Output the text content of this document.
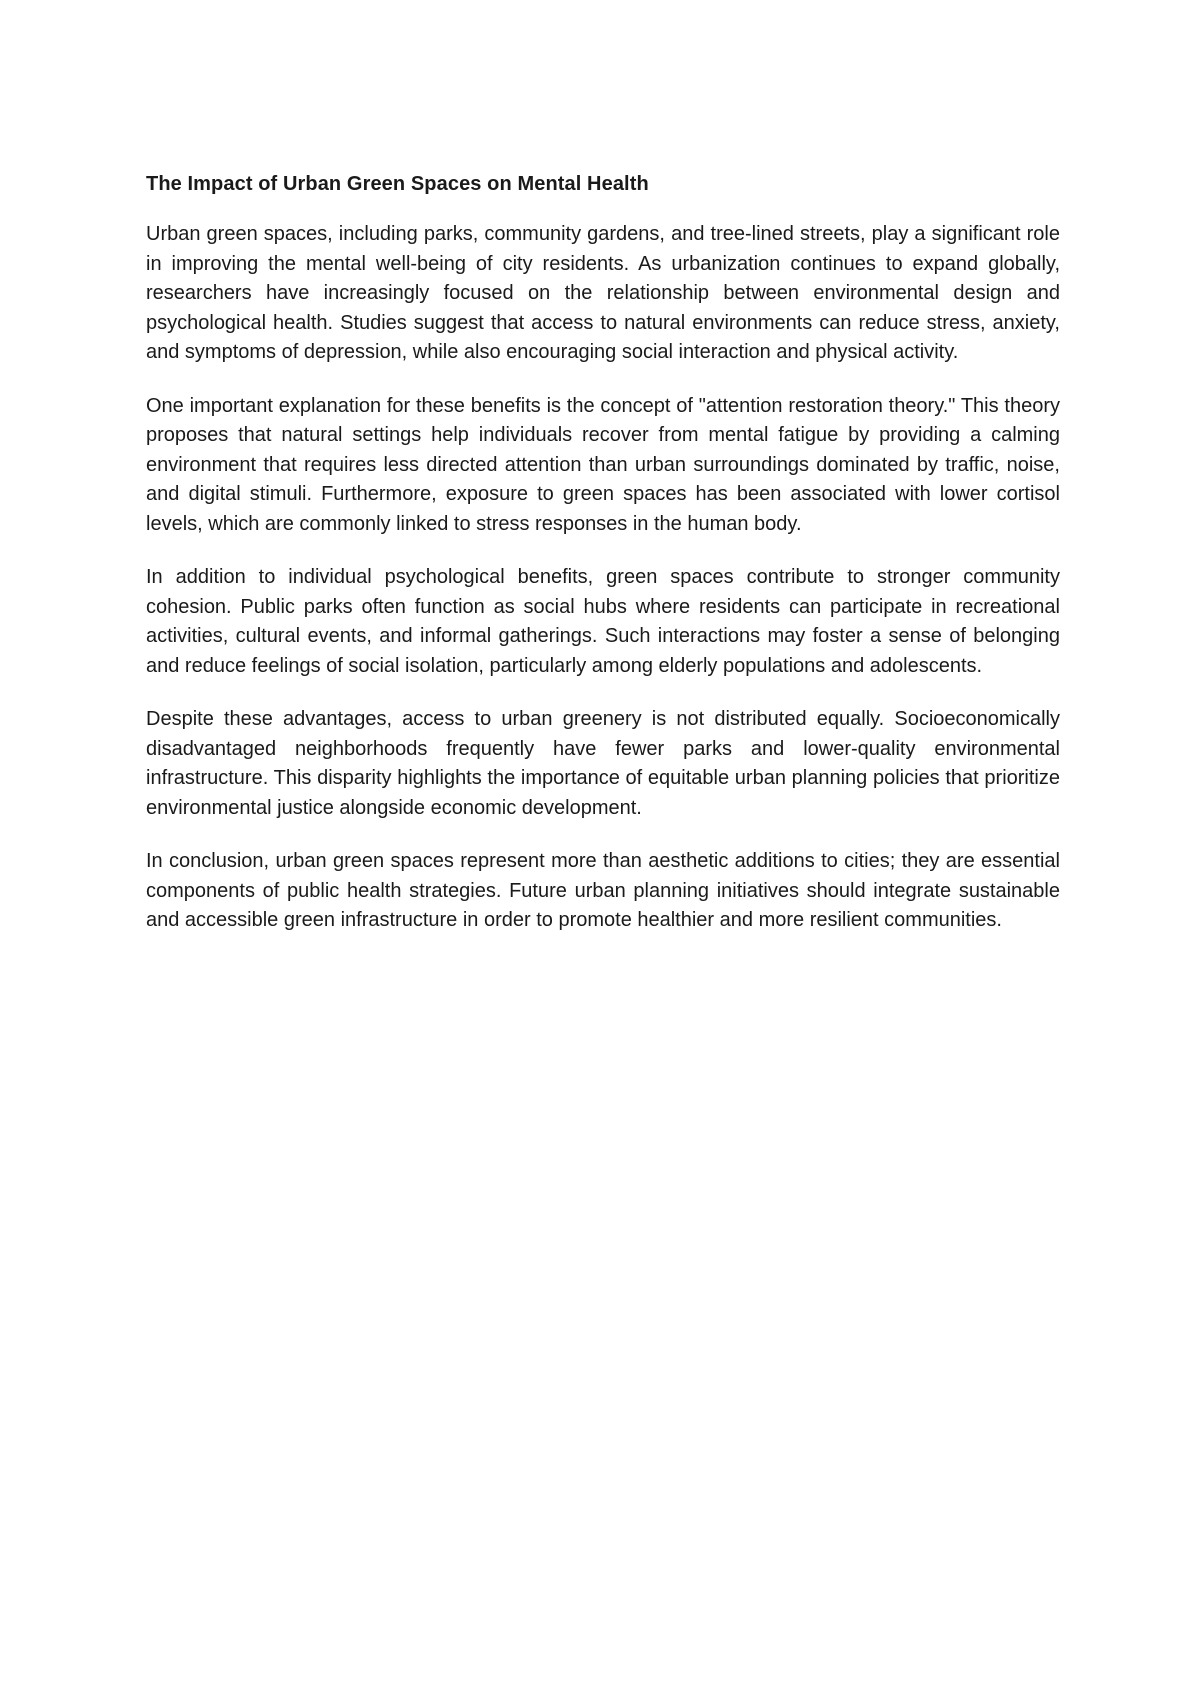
The Impact of Urban Green Spaces on Mental Health

Urban green spaces, including parks, community gardens, and tree-lined streets, play a significant role in improving the mental well-being of city residents. As urbanization continues to expand globally, researchers have increasingly focused on the relationship between environmental design and psychological health. Studies suggest that access to natural environments can reduce stress, anxiety, and symptoms of depression, while also encouraging social interaction and physical activity.

One important explanation for these benefits is the concept of "attention restoration theory." This theory proposes that natural settings help individuals recover from mental fatigue by providing a calming environment that requires less directed attention than urban surroundings dominated by traffic, noise, and digital stimuli. Furthermore, exposure to green spaces has been associated with lower cortisol levels, which are commonly linked to stress responses in the human body.

In addition to individual psychological benefits, green spaces contribute to stronger community cohesion. Public parks often function as social hubs where residents can participate in recreational activities, cultural events, and informal gatherings. Such interactions may foster a sense of belonging and reduce feelings of social isolation, particularly among elderly populations and adolescents.

Despite these advantages, access to urban greenery is not distributed equally. Socioeconomically disadvantaged neighborhoods frequently have fewer parks and lower-quality environmental infrastructure. This disparity highlights the importance of equitable urban planning policies that prioritize environmental justice alongside economic development.

In conclusion, urban green spaces represent more than aesthetic additions to cities; they are essential components of public health strategies. Future urban planning initiatives should integrate sustainable and accessible green infrastructure in order to promote healthier and more resilient communities.
